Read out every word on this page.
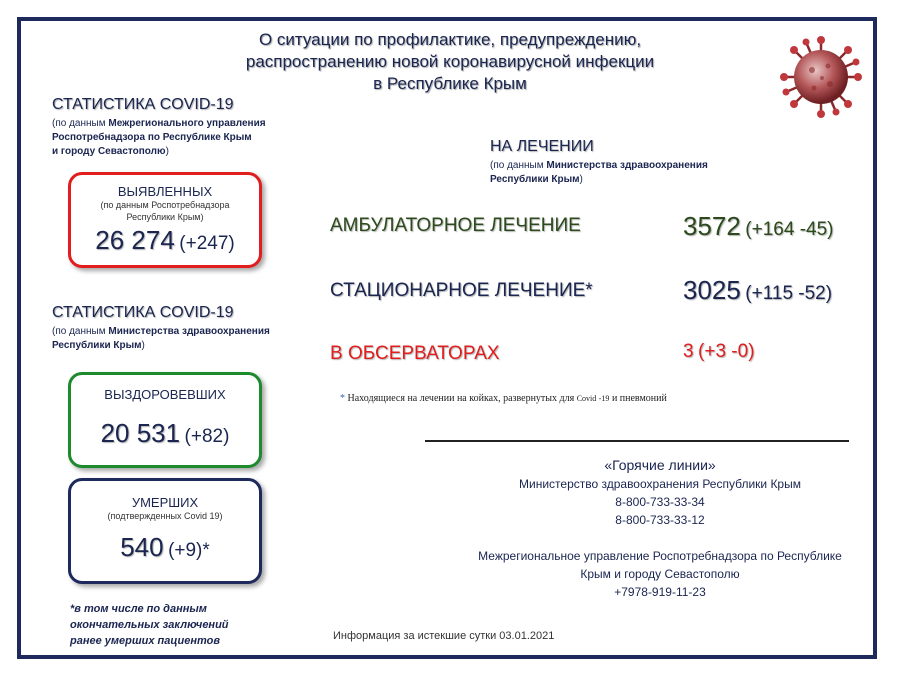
О ситуации по профилактике, предупреждению,
распространению новой коронавирусной инфекции
в Республике Крым
СТАТИСТИКА COVID-19
(по данным Межрегионального управления
Роспотребнадзора по Республике Крым
и городу Севастополю)
ВЫЯВЛЕННЫХ
(по данным Роспотребнадзора
Республики Крым)
26 274 (+247)
СТАТИСТИКА COVID-19
(по данным Министерства здравоохранения
Республики Крым)
ВЫЗДОРОВЕВШИХ
20 531 (+82)
УМЕРШИХ
(подтвержденных Covid 19)
540 (+9)*
*в том числе по данным
окончательных заключений
ранее умерших пациентов
НА ЛЕЧЕНИИ
(по данным Министерства здравоохранения
Республики Крым)
АМБУЛАТОРНОЕ ЛЕЧЕНИЕ	3572 (+164 -45)
СТАЦИОНАРНОЕ ЛЕЧЕНИЕ*	3025 (+115 -52)
В ОБСЕРВАТОРАХ	3 (+3 -0)
* Находящиеся на лечении на койках, развернутых для Covid -19 и пневмоний
«Горячие линии»
Министерство здравоохранения Республики Крым
8-800-733-33-34
8-800-733-33-12
Межрегиональное управление Роспотребнадзора по Республике
Крым и городу Севастополю
+7978-919-11-23
Информация за истекшие сутки 03.01.2021
